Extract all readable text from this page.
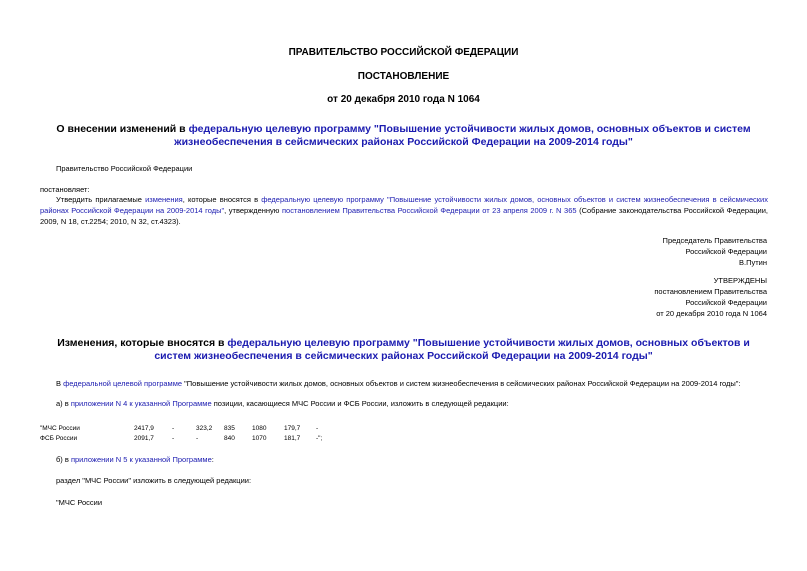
ПРАВИТЕЛЬСТВО РОССИЙСКОЙ ФЕДЕРАЦИИ
ПОСТАНОВЛЕНИЕ
от 20 декабря 2010 года N 1064
О внесении изменений в федеральную целевую программу "Повышение устойчивости жилых домов, основных объектов и систем жизнеобеспечения в сейсмических районах Российской Федерации на 2009-2014 годы"
Правительство Российской Федерации
постановляет:
Утвердить прилагаемые изменения, которые вносятся в федеральную целевую программу "Повышение устойчивости жилых домов, основных объектов и систем жизнеобеспечения в сейсмических районах Российской Федерации на 2009-2014 годы", утвержденную постановлением Правительства Российской Федерации от 23 апреля 2009 г. N 365 (Собрание законодательства Российской Федерации, 2009, N 18, ст.2254; 2010, N 32, ст.4323).
Председатель Правительства
Российской Федерации
В.Путин
УТВЕРЖДЕНЫ
постановлением Правительства
Российской Федерации
от 20 декабря 2010 года N 1064
Изменения, которые вносятся в федеральную целевую программу "Повышение устойчивости жилых домов, основных объектов и систем жизнеобеспечения в сейсмических районах Российской Федерации на 2009-2014 годы"
В федеральной целевой программе "Повышение устойчивости жилых домов, основных объектов и систем жизнеобеспечения в сейсмических районах Российской Федерации на 2009-2014 годы":
а) в приложении N 4 к указанной Программе позиции, касающиеся МЧС России и ФСБ России, изложить в следующей редакции:
"МЧС России	2417,9	-	323,2	835	1080	179,7	-
ФСБ России	2091,7	-	-	840	1070	181,7	-";
б) в приложении N 5 к указанной Программе:
раздел "МЧС России" изложить в следующей редакции:
"МЧС России
